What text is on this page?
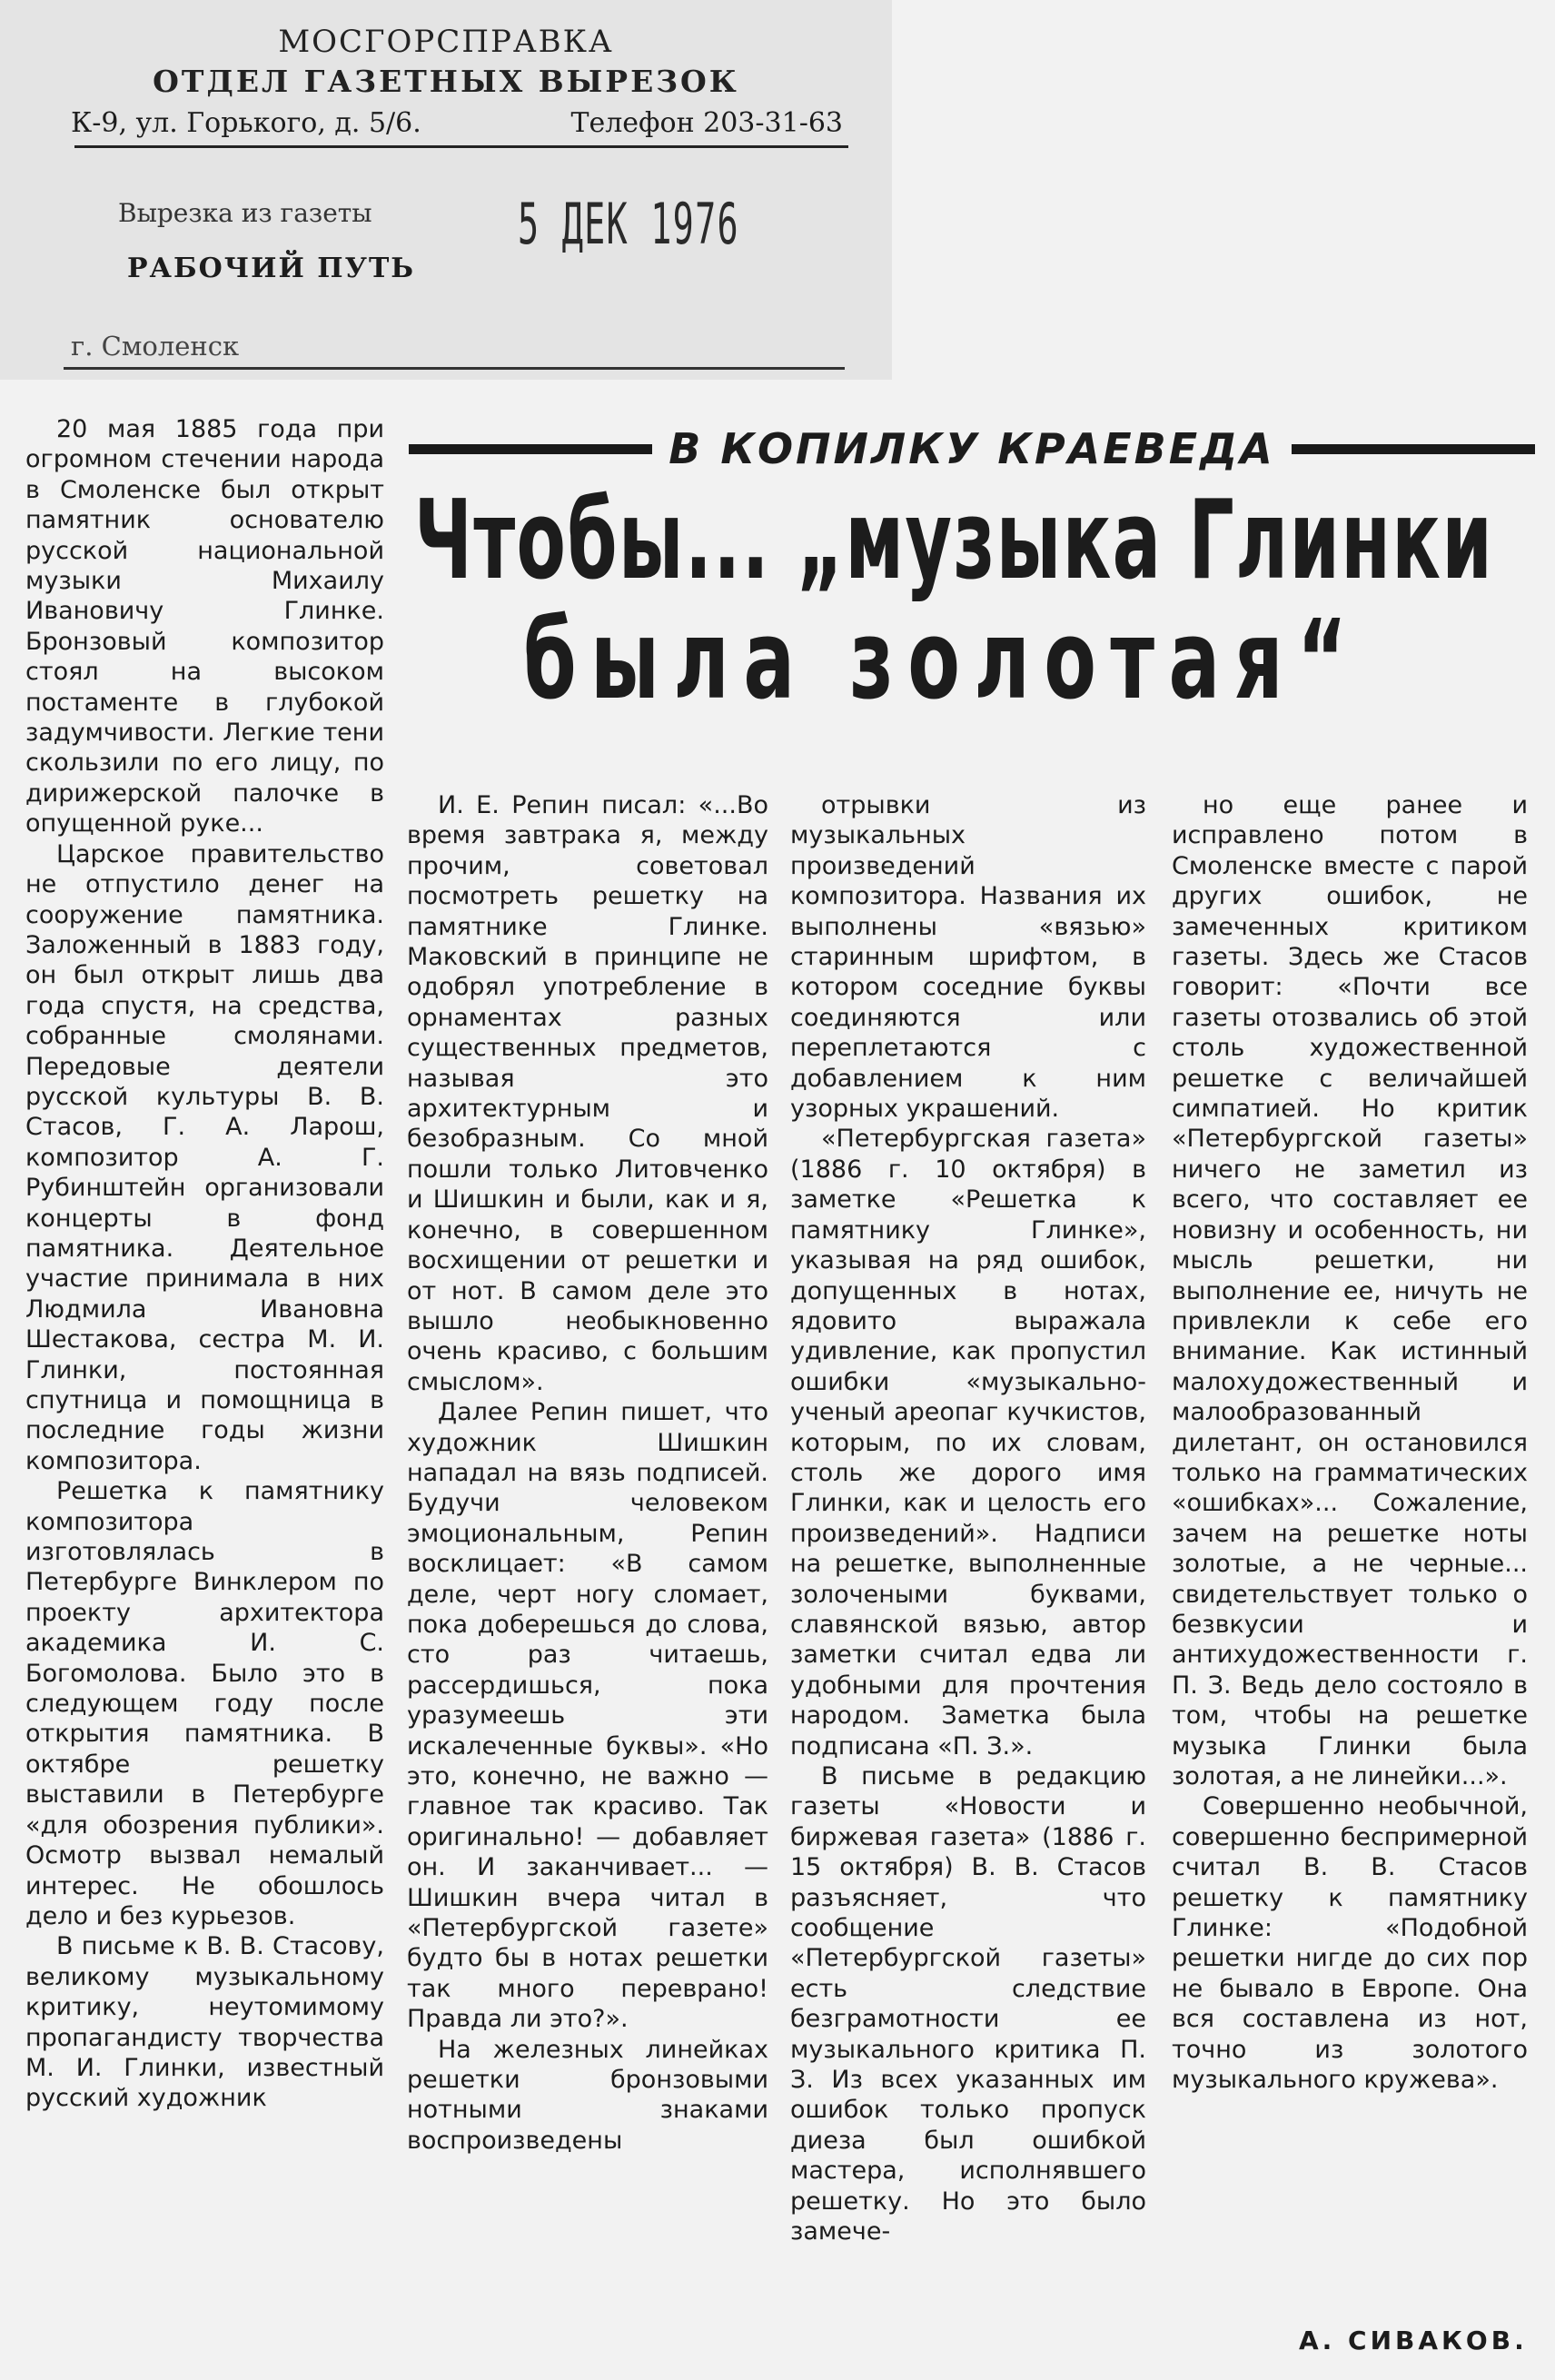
МОСГОРСПРАВКА
ОТДЕЛ ГАЗЕТНЫХ ВЫРЕЗОК
К-9, ул. Горького, д. 5/6.	Телефон 203-31-63
Вырезка из газеты
РАБОЧИЙ ПУТЬ
5 ДЕК 1976
г. Смоленск
В КОПИЛКУ КРАЕВЕДА
Чтобы... „музыка Глинки
была золотая“

20 мая 1885 года при огромном стечении народа в Смоленске был открыт памятник основателю русской национальной музыки Михаилу Ивановичу Глинке. Бронзовый композитор стоял на высоком постаменте в глубокой задумчивости. Легкие тени скользили по его лицу, по дирижерской палочке в опущенной руке...

Царское правительство не отпустило денег на сооружение памятника. Заложенный в 1883 году, он был открыт лишь два года спустя, на средства, собранные смолянами. Передовые деятели русской культуры В. В. Стасов, Г. А. Ларош, композитор А. Г. Рубинштейн организовали концерты в фонд памятника. Деятельное участие принимала в них Людмила Ивановна Шестакова, сестра М. И. Глинки, постоянная спутница и помощница в последние годы жизни композитора.

Решетка к памятнику композитора изготовлялась в Петербурге Винклером по проекту архитектора академика И. С. Богомолова. Было это в следующем году после открытия памятника. В октябре решетку выставили в Петербурге «для обозрения публики». Осмотр вызвал немалый интерес. Не обошлось дело и без курьезов.

В письме к В. В. Стасову, великому музыкальному критику, неутомимому пропагандисту творчества М. И. Глинки, известный русский художник

И. Е. Репин писал: «...Во время завтрака я, между прочим, советовал посмотреть решетку на памятнике Глинке. Маковский в принципе не одобрял употребление в орнаментах разных существенных предметов, называя это архитектурным и безобразным. Со мной пошли только Литовченко и Шишкин и были, как и я, конечно, в совершенном восхищении от решетки и от нот. В самом деле это вышло необыкновенно очень красиво, с большим смыслом».

Далее Репин пишет, что художник Шишкин нападал на вязь подписей. Будучи человеком эмоциональным, Репин восклицает: «В самом деле, черт ногу сломает, пока доберешься до слова, сто раз читаешь, рассердишься, пока уразумеешь эти искалеченные буквы». «Но это, конечно, не важно — главное так красиво. Так оригинально! — добавляет он. И заканчивает... — Шишкин вчера читал в «Петербургской газете» будто бы в нотах решетки так много переврано! Правда ли это?».

На железных линейках решетки бронзовыми нотными знаками воспроизведены

отрывки из музыкальных произведений композитора. Названия их выполнены «вязью» старинным шрифтом, в котором соседние буквы соединяются или переплетаются с добавлением к ним узорных украшений.

«Петербургская газета» (1886 г. 10 октября) в заметке «Решетка к памятнику Глинке», указывая на ряд ошибок, допущенных в нотах, ядовито выражала удивление, как пропустил ошибки «музыкально-ученый ареопаг кучкистов, которым, по их словам, столь же дорого имя Глинки, как и целость его произведений». Надписи на решетке, выполненные золочеными буквами, славянской вязью, автор заметки считал едва ли удобными для прочтения народом. Заметка была подписана «П. З.».

В письме в редакцию газеты «Новости и биржевая газета» (1886 г. 15 октября) В. В. Стасов разъясняет, что сообщение «Петербургской газеты» есть следствие безграмотности ее музыкального критика П. З. Из всех указанных им ошибок только пропуск диеза был ошибкой мастера, исполнявшего решетку. Но это было замече-

но еще ранее и исправлено потом в Смоленске вместе с парой других ошибок, не замеченных критиком газеты. Здесь же Стасов говорит: «Почти все газеты отозвались об этой столь художественной решетке с величайшей симпатией. Но критик «Петербургской газеты» ничего не заметил из всего, что составляет ее новизну и особенность, ни мысль решетки, ни выполнение ее, ничуть не привлекли к себе его внимание. Как истинный малохудожественный и малообразованный дилетант, он остановился только на грамматических «ошибках»... Сожаление, зачем на решетке ноты золотые, а не черные... свидетельствует только о безвкусии и антихудожественности г. П. З. Ведь дело состояло в том, чтобы на решетке музыка Глинки была золотая, а не линейки...».

Совершенно необычной, совершенно беспримерной считал В. В. Стасов решетку к памятнику Глинке: «Подобной решетки нигде до сих пор не бывало в Европе. Она вся составлена из нот, точно из золотого музыкального кружева».

А. СИВАКОВ.
